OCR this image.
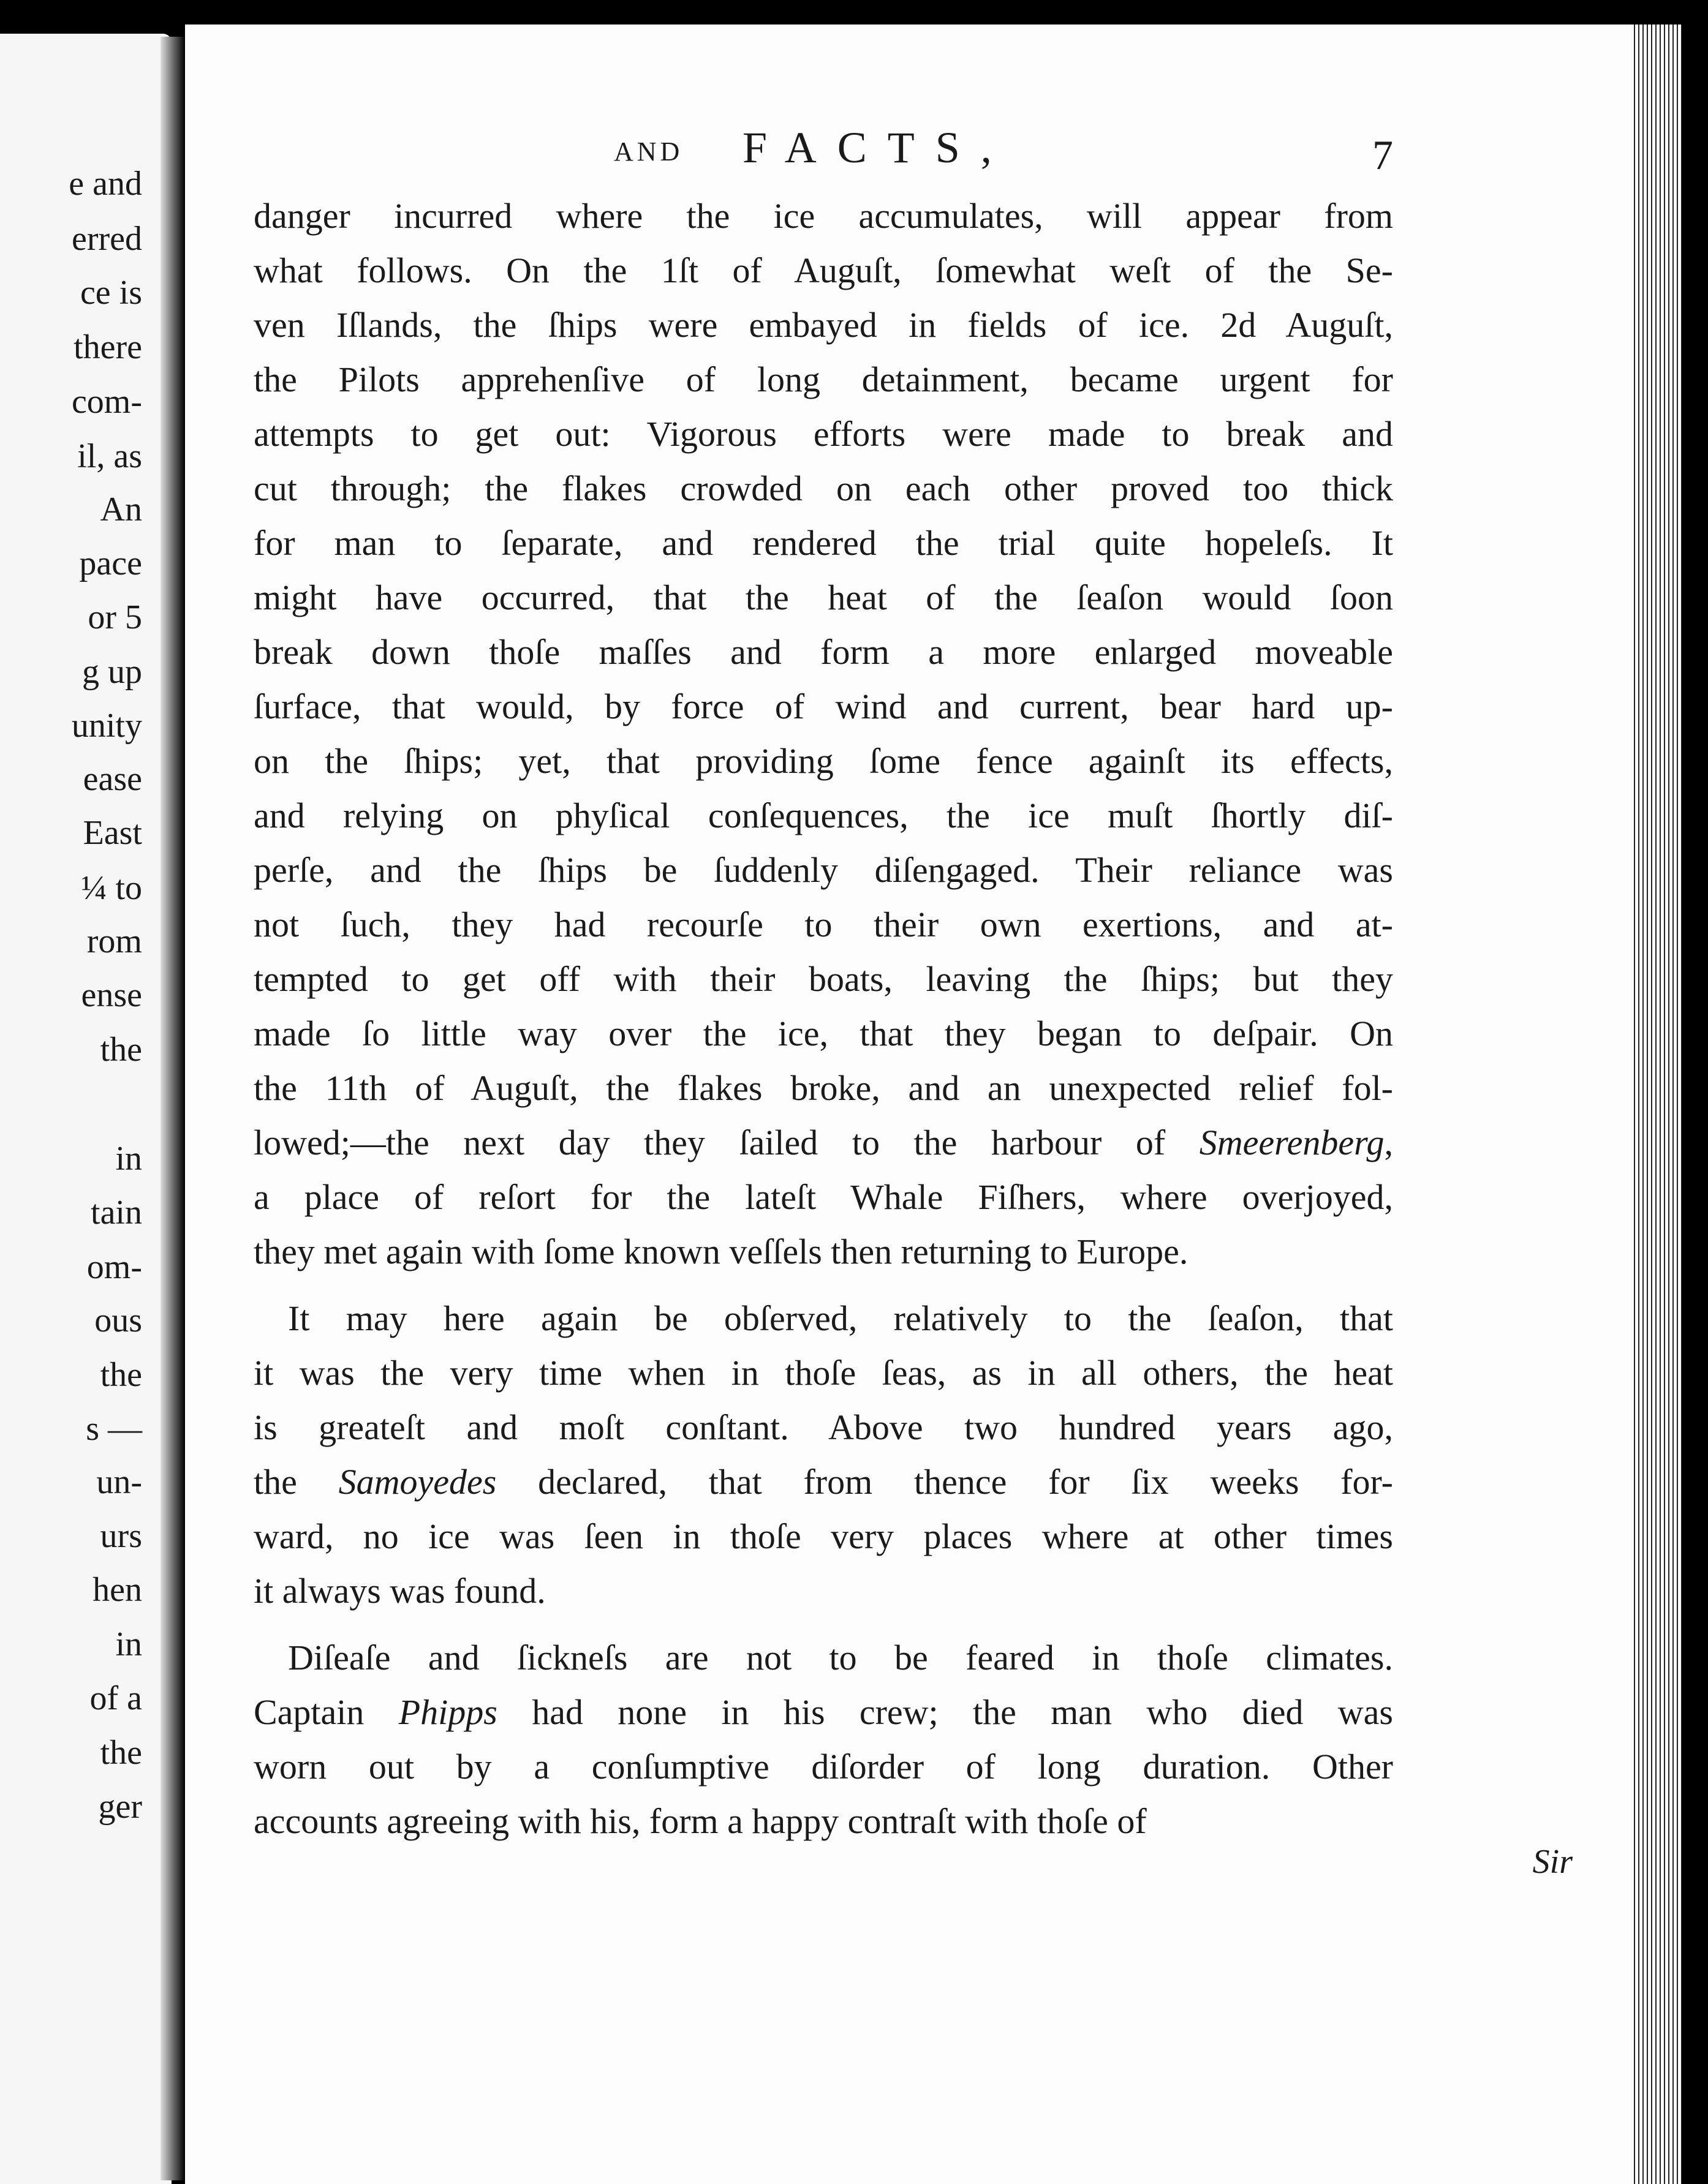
e and
erred
ce is
there
com-
il, as
An
pace
or 5
g up
unity
ease
East
¼ to
rom
ense
the
in
tain
om-
ous
the
s —
un-
urs
hen
in
of a
the
ger
AND FACTS,	7
danger incurred where the ice accumulates, will appear from
what follows. On the 1ſt of Auguſt, ſomewhat weſt of the Se-
ven Iſlands, the ſhips were embayed in fields of ice. 2d Auguſt,
the Pilots apprehenſive of long detainment, became urgent for
attempts to get out: Vigorous efforts were made to break and
cut through; the flakes crowded on each other proved too thick
for man to ſeparate, and rendered the trial quite hopeleſs. It
might have occurred, that the heat of the ſeaſon would ſoon
break down thoſe maſſes and form a more enlarged moveable
ſurface, that would, by force of wind and current, bear hard up-
on the ſhips; yet, that providing ſome fence againſt its effects,
and relying on phyſical conſequences, the ice muſt ſhortly diſ-
perſe, and the ſhips be ſuddenly diſengaged. Their reliance was
not ſuch, they had recourſe to their own exertions, and at-
tempted to get off with their boats, leaving the ſhips; but they
made ſo little way over the ice, that they began to deſpair. On
the 11th of Auguſt, the flakes broke, and an unexpected relief fol-
lowed;—the next day they ſailed to the harbour of Smeerenberg,
a place of reſort for the lateſt Whale Fiſhers, where overjoyed,
they met again with ſome known veſſels then returning to Europe.
It may here again be obſerved, relatively to the ſeaſon, that
it was the very time when in thoſe ſeas, as in all others, the heat
is greateſt and moſt conſtant. Above two hundred years ago,
the Samoyedes declared, that from thence for ſix weeks for-
ward, no ice was ſeen in thoſe very places where at other times
it always was found.
Diſeaſe and ſickneſs are not to be feared in thoſe climates.
Captain Phipps had none in his crew; the man who died was
worn out by a conſumptive diſorder of long duration. Other
accounts agreeing with his, form a happy contraſt with thoſe of
Sir
